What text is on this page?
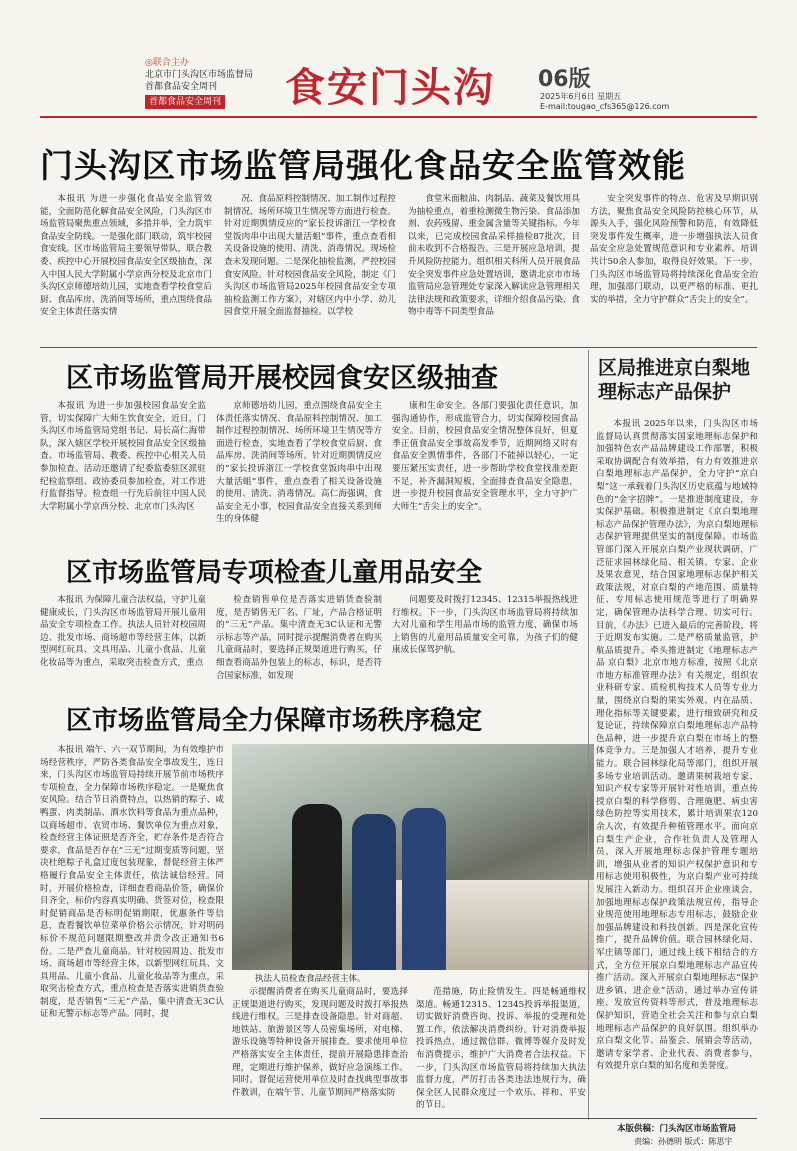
◎联合主办
北京市门头沟区市场监督局
首都食品安全周刊
首都食品安全周刊	食安门头沟 06版
2025年6月6日 星期五
E-mail:tougao_cfs365@126.com
门头沟区市场监管局强化食品安全监管效能

本报讯 为进一步强化食品安全监管效能，全面防范化解食品安全风险，门头沟区市场监管局聚焦重点领域，多措并举，全力筑牢食品安全防线。一是强化部门联动，筑牢校园食安线。区市场监管局主要领导带队，联合教委、疾控中心开展校园食品安全区级抽查，深入中国人民大学附属小学京西分校及北京市门头沟区京师德培幼儿园，实地查看学校食堂后厨、食品库房、洗消间等场所，重点围绕食品安全主体责任落实情

况、食品原料控制情况、加工制作过程控制情况、场所环境卫生情况等方面进行检查。针对近期舆情反应的“家长投诉浙江一学校食堂饭肉串中出现大量活蛆”事件，重点查看相关设备设施的使用、清洗、消毒情况。现场检查未发现问题。二是深化抽检监测，严控校园食安风险。针对校园食品安全风险，制定《门头沟区市场监管局2025年校园食品安全专项抽检监测工作方案》，对辖区内中小学、幼儿园食堂开展全面监督抽检。以学校

食堂米面粮油、肉制品、蔬菜及餐饮用具为抽检重点，着重检测微生物污染、食品添加剂、农药残留、重金属含量等关键指标。今年以来，已完成校园食品采样抽检87批次，目前未收到不合格报告。三是开展应急培训，提升风险防控能力。组织相关科所人员开展食品安全突发事件应急处置培训，邀请北京市市场监管局应急管理处专家深入解读应急管理相关法律法规和政策要求，详细介绍食品污染、食物中毒等不同类型食品

安全突发事件的特点、危害及早期识别方法，聚焦食品安全风险防控核心环节，从源头入手，强化风险预警和防范，有效降低突发事件发生概率，进一步增强执法人员食品安全应急处置规范意识和专业素养。培训共计50余人参加，取得良好效果。下一步，门头沟区市场监管局将持续深化食品安全治理，加强部门联动，以更严格的标准、更扎实的举措，全力守护群众“舌尖上的安全”。

区市场监管局开展校园食安区级抽查

本报讯 为进一步加强校园食品安全监管，切实保障广大师生饮食安全，近日，门头沟区市场监管局党组书记、局长高仁海带队，深入辖区学校开展校园食品安全区级抽查。市场监管局、教委、疾控中心相关人员参加检查。活动还邀请了纪委监委驻区派驻纪检监察组、政协委员参加检查，对工作进行监督指导。检查组一行先后前往中国人民大学附属小学京西分校、北京市门头沟区

京师德培幼儿园，重点围绕食品安全主体责任落实情况、食品原料控制情况、加工制作过程控制情况、场所环境卫生情况等方面进行检查，实地查看了学校食堂后厨、食品库房、洗消间等场所。针对近期舆情反应的“家长投诉浙江一学校食堂饭肉串中出现大量活蛆”事件，重点查看了相关设备设施的使用、清洗、消毒情况。高仁海强调，食品安全无小事，校园食品安全直接关系到师生的身体健

康和生命安全。各部门要强化责任意识，加强沟通协作，形成监管合力，切实保障校园食品安全。目前，校园食品安全情况整体良好，但夏季正值食品安全事故高发季节，近期网络又时有食品安全舆情事件，各部门不能掉以轻心，一定要压紧压实责任，进一步帮助学校食堂找准差距不足，补齐漏洞短板，全面排查食品安全隐患，进一步提升校园食品安全管理水平，全力守护广大师生“舌尖上的安全”。

区市场监管局专项检查儿童用品安全

本报讯 为保障儿童合法权益，守护儿童健康成长，门头沟区市场监管局开展儿童用品安全专项检查工作。执法人员针对校园周边、批发市场、商场超市等经营主体，以新型网红玩具、文具用品、儿童小食品、儿童化妆品等为重点，采取突击检查方式，重点

检查销售单位是否落实进销货查验制度，是否销售无厂名、厂址，产品合格证明的“三无”产品。集中清查无3C认证和无警示标志等产品，同时提示提醒消费者在购买儿童商品时，要选择正规渠道进行购买，仔细查看商品外包装上的标志，标识，是否符合国家标准，如发现

问题要及时拨打12345、12315举报热线进行维权。下一步，门头沟区市场监管局将持续加大对儿童和学生用品市场的监管力度，确保市场上销售的儿童用品质量安全可靠，为孩子们的健康成长保驾护航。

区市场监管局全力保障市场秩序稳定

本报讯 端午、六一双节期间，为有效维护市场经营秩序，严防各类食品安全事故发生，连日来，门头沟区市场监管局持续开展节前市场秩序专项检查，全力保障市场秩序稳定。一是聚焦食安风险。结合节日消费特点，以热销的粽子、咸鸭蛋、肉类制品、酒水饮料等食品为重点品种，以商场超市、农贸市场、餐饮单位为重点对象，检查经营主体证照是否齐全，贮存条件是否符合要求，食品是否存在“三无”过期变质等问题，坚决杜绝粽子礼盒过度包装现象，督促经营主体严格履行食品安全主体责任，依法诚信经营。同时，开展价格检查，详细查看商品价签，确保价目齐全，标价内容真实明确、货签对位，检查限时促销商品是否标明促销期限，优惠条件等信息，查看餐饮单位菜单价格公示情况，针对明码标价不规范问题限期整改并责令改正通知书6份。二是严查儿童商品。针对校园周边、批发市场、商场超市等经营主体，以新型网红玩具、文具用品、儿童小食品、儿童化妆品等为重点，采取突击检查方式，重点检查是否落实进销货查验制度，是否销售“三无”产品，集中清查无3C认证和无警示标志等产品。同时，提

执法人员检查食品经营主体。

示提醒消费者在购买儿童商品时，要选择正规渠道进行购买，发现问题及时拨打举报热线进行维权。三是排查设备隐患。针对商超、地铁站、旅游景区等人员密集场所，对电梯、游乐设施等特种设备开展排查。要求使用单位严格落实安全主体责任，提前开展隐患排查治理，定期进行维护保养，做好应急演练工作。同时，督促运营使用单位及时查找典型事故事件教训，在端午节、儿童节期间严格落实防

范措施，防止险情发生。四是畅通维权渠道。畅通12315、12345投诉举报渠道，切实做好消费咨询、投诉、举报的受理和处置工作，依法解决消费纠纷。针对消费举报投诉热点，通过微信群、微博等媒介及时发布消费提示，维护广大消费者合法权益。下一步，门头沟区市场监管局将持续加大执法监督力度，严厉打击各类违法违规行为，确保全区人民群众度过一个欢乐、祥和、平安的节日。

区局推进京白梨地理标志产品保护

本报讯 2025年以来，门头沟区市场监督局认真贯彻落实国家地理标志保护和加强特色农产品品牌建设工作部署，积极采取协调配合有效举措，有力有效推进京白梨地理标志产品保护，全力守护“京白梨”这一承载着门头沟区历史底蕴与地域特色的“金字招牌”。一是推进制度建设，夯实保护基础。积极推进制定《京白梨地理标志产品保护管理办法》，为京白梨地理标志保护管理提供坚实的制度保障。市场监管部门深入开展京白梨产业现状调研，广泛征求园林绿化局、相关镇、专家、企业及果农意见，结合国家地理标志保护相关政策法规，对京白梨的产地范围、质量特征、专用标志使用规范等进行了明确界定，确保管理办法科学合理、切实可行。目前，《办法》已进入最后的完善阶段，将于近期发布实施。二是严格质量监管，护航品质提升。牵头推进制定《地理标志产品 京白梨》北京市地方标准，按照《北京市地方标准管理办法》有关规定，组织农业科研专家、质检机构技术人员等专业力量，围绕京白梨的果实外观、内在品质、理化指标等关键要素，进行细致研究和反复论证，持续保障京白梨地理标志产品特色品种，进一步提升京白梨在市场上的整体竞争力。三是加强人才培养，提升专业能力。联合园林绿化局等部门，组织开展多场专业培训活动。邀请果树栽培专家、知识产权专家等开展针对性培训，重点传授京白梨的科学修剪、合理施肥、病虫害绿色防控等实用技术，累计培训果农120余人次，有效提升种植管理水平。面向京白梨生产企业，合作社负责人及管理人员，深入开展地理标志保护管理专题培训，增强从业者的知识产权保护意识和专用标志使用积极性，为京白梨产业可持续发展注入新动力。组织召开企业座谈会，加强地理标志保护政策法规宣传，指导企业规范使用地理标志专用标志，鼓励企业加强品牌建设和科技创新。四是深化宣传推广，提升品牌价值。联合园林绿化局、军庄镇等部门，通过线上线下相结合的方式，全方位开展京白梨地理标志产品宣传推广活动。深入开展京白梨地理标志“保护进乡镇、进企业”活动，通过举办宣传讲座、发放宣传资料等形式，普及地理标志保护知识，营造全社会关注和参与京白梨地理标志产品保护的良好氛围。组织举办京白梨文化节、品鉴会、展销会等活动，邀请专家学者、企业代表、消费者参与，有效提升京白梨的知名度和美誉度。

本版供稿：门头沟区市场监管局
责编：孙德明 版式：陈思宇
